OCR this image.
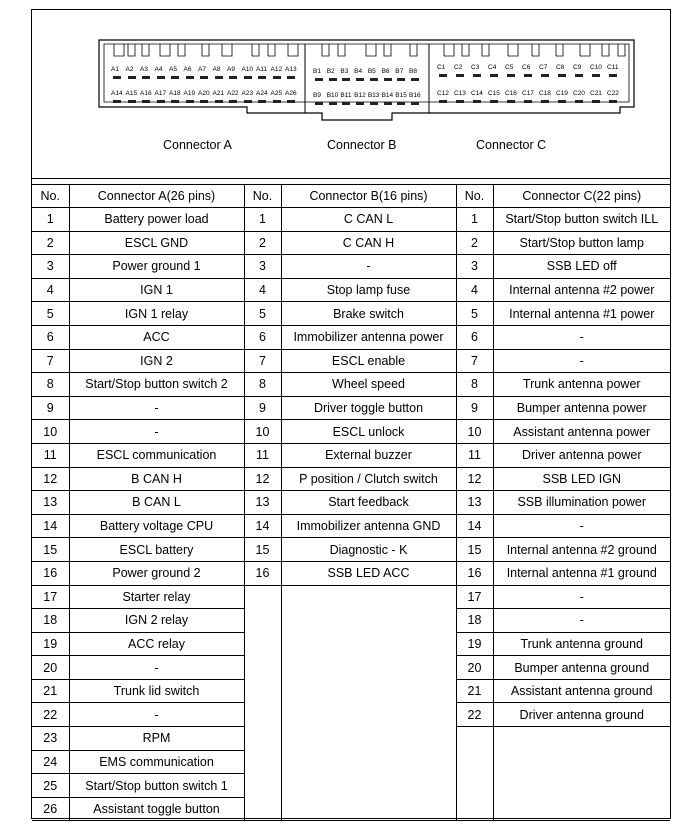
A1 A2 A3 A4 A5 A6 A7 A8 A9 A10 A11 A12 A13
A14 A15 A16 A17 A18 A19 A20 A21 A22 A23 A24 A25 A26
B1 B2 B3 B4 B5 B6 B7 B8
B9 B10 B11 B12 B13 B14 B15 B16
C1 C2 C3 C4 C5 C6 C7 C8 C9 C10 C11
C12 C13 C14 C15 C16 C17 C18 C19 C20 C21 C22
Connector A	Connector B	Connector C
No.	Connector A(26 pins)	No.	Connector B(16 pins)	No.	Connector C(22 pins)
1	Battery power load	1	C CAN L	1	Start/Stop button switch ILL
2	ESCL GND	2	C CAN H	2	Start/Stop button lamp
3	Power ground 1	3	-	3	SSB LED off
4	IGN 1	4	Stop lamp fuse	4	Internal antenna #2 power
5	IGN 1 relay	5	Brake switch	5	Internal antenna #1 power
6	ACC	6	Immobilizer antenna power	6	-
7	IGN 2	7	ESCL enable	7	-
8	Start/Stop button switch 2	8	Wheel speed	8	Trunk antenna power
9	-	9	Driver toggle button	9	Bumper antenna power
10	-	10	ESCL unlock	10	Assistant antenna power
11	ESCL communication	11	External buzzer	11	Driver antenna power
12	B CAN H	12	P position / Clutch switch	12	SSB LED IGN
13	B CAN L	13	Start feedback	13	SSB illumination power
14	Battery voltage CPU	14	Immobilizer antenna GND	14	-
15	ESCL battery	15	Diagnostic - K	15	Internal antenna #2 ground
16	Power ground 2	16	SSB LED ACC	16	Internal antenna #1 ground
17	Starter relay			17	-
18	IGN 2 relay			18	-
19	ACC relay			19	Trunk antenna ground
20	-			20	Bumper antenna ground
21	Trunk lid switch			21	Assistant antenna ground
22	-			22	Driver antenna ground
23	RPM				
24	EMS communication				
25	Start/Stop button switch 1				
26	Assistant toggle button				
